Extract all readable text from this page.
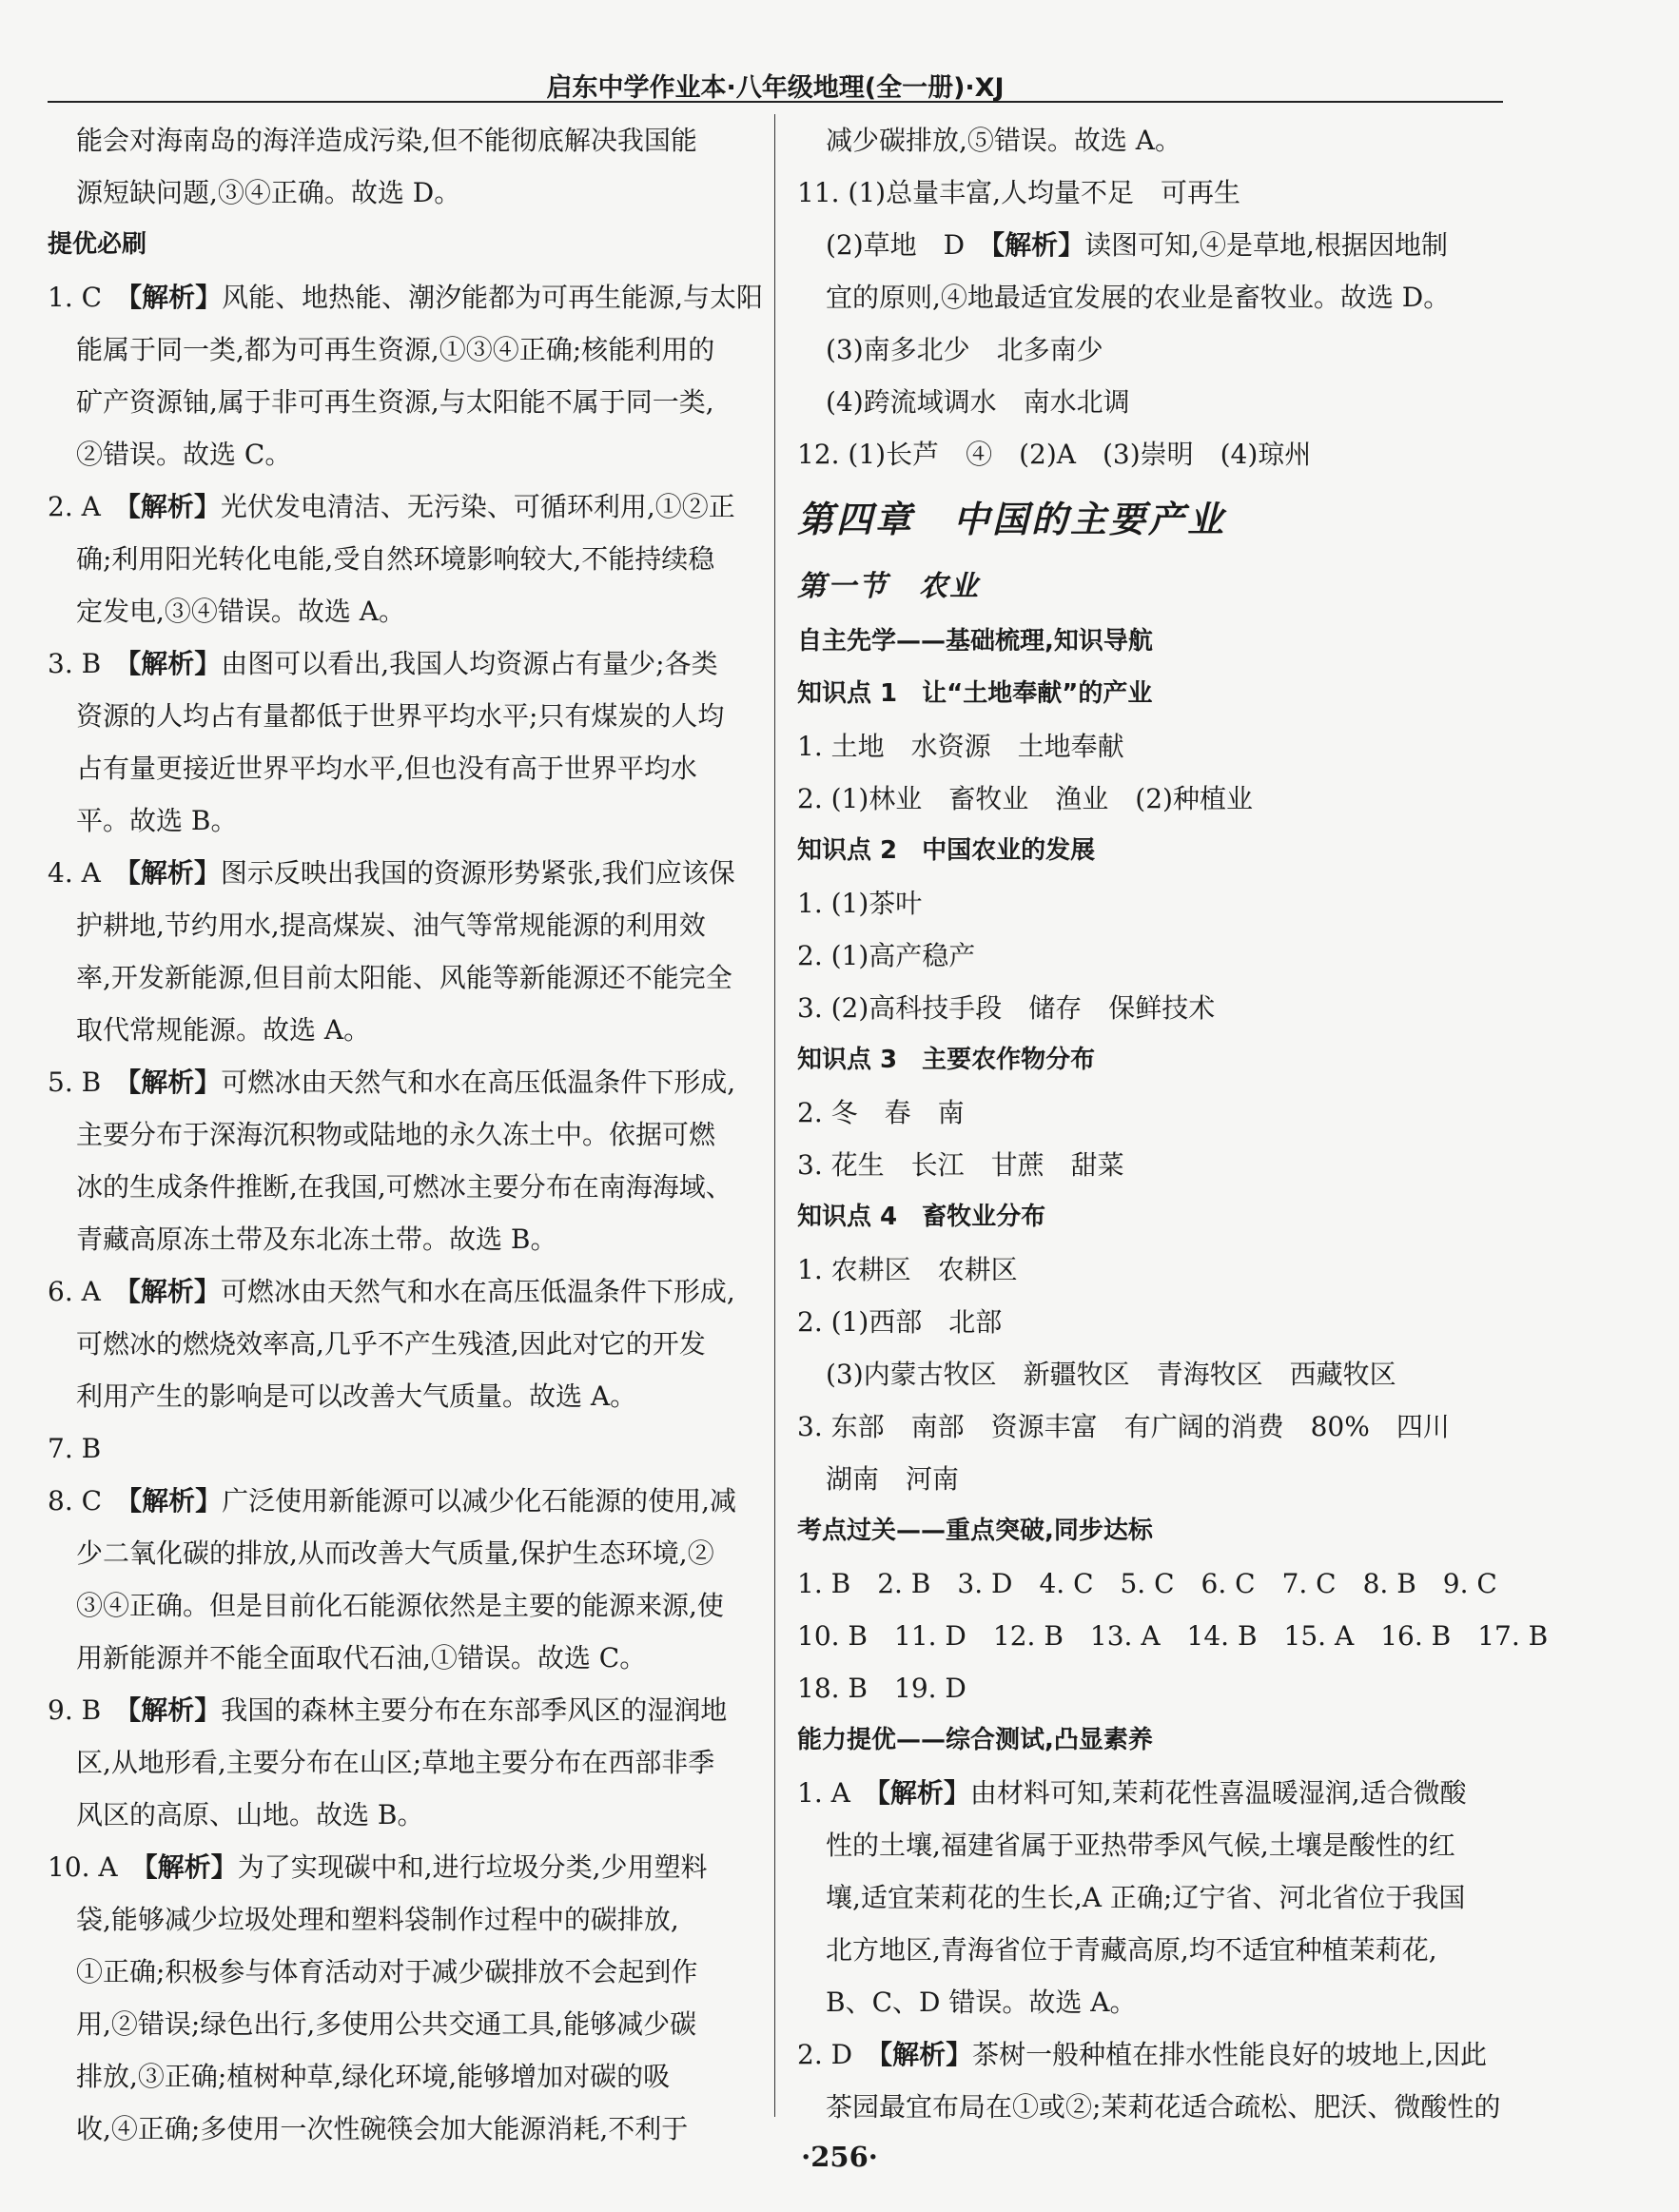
启东中学作业本·八年级地理(全一册)·XJ
能会对海南岛的海洋造成污染,但不能彻底解决我国能
源短缺问题,③④正确。故选 D。
提优必刷
1. C　 【解析】风能、地热能、潮汐能都为可再生能源,与太阳
能属于同一类,都为可再生资源,①③④正确;核能利用的
矿产资源铀,属于非可再生资源,与太阳能不属于同一类,
②错误。故选 C。
2. A　 【解析】光伏发电清洁、无污染、可循环利用,①②正
确;利用阳光转化电能,受自然环境影响较大,不能持续稳
定发电,③④错误。故选 A。
3. B　 【解析】由图可以看出,我国人均资源占有量少;各类
资源的人均占有量都低于世界平均水平;只有煤炭的人均
占有量更接近世界平均水平,但也没有高于世界平均水
平。故选 B。
4. A　 【解析】图示反映出我国的资源形势紧张,我们应该保
护耕地,节约用水,提高煤炭、油气等常规能源的利用效
率,开发新能源,但目前太阳能、风能等新能源还不能完全
取代常规能源。故选 A。
5. B　 【解析】可燃冰由天然气和水在高压低温条件下形成,
主要分布于深海沉积物或陆地的永久冻土中。依据可燃
冰的生成条件推断,在我国,可燃冰主要分布在南海海域、
青藏高原冻土带及东北冻土带。故选 B。
6. A　 【解析】可燃冰由天然气和水在高压低温条件下形成,
可燃冰的燃烧效率高,几乎不产生残渣,因此对它的开发
利用产生的影响是可以改善大气质量。故选 A。
7. B
8. C　 【解析】广泛使用新能源可以减少化石能源的使用,减
少二氧化碳的排放,从而改善大气质量,保护生态环境,②
③④正确。但是目前化石能源依然是主要的能源来源,使
用新能源并不能全面取代石油,①错误。故选 C。
9. B　 【解析】我国的森林主要分布在东部季风区的湿润地
区,从地形看,主要分布在山区;草地主要分布在西部非季
风区的高原、山地。故选 B。
10. A　 【解析】为了实现碳中和,进行垃圾分类,少用塑料
袋,能够减少垃圾处理和塑料袋制作过程中的碳排放,
①正确;积极参与体育活动对于减少碳排放不会起到作
用,②错误;绿色出行,多使用公共交通工具,能够减少碳
排放,③正确;植树种草,绿化环境,能够增加对碳的吸
收,④正确;多使用一次性碗筷会加大能源消耗,不利于
减少碳排放,⑤错误。故选 A。
11. (1)总量丰富,人均量不足　可再生
(2)草地　D　 【解析】读图可知,④是草地,根据因地制
宜的原则,④地最适宜发展的农业是畜牧业。故选 D。
(3)南多北少　北多南少
(4)跨流域调水　南水北调
12. (1)长芦　④　(2)A　(3)崇明　(4)琼州
第四章　中国的主要产业
第一节　农业
自主先学——基础梳理,知识导航
知识点 1　让“土地奉献”的产业
1. 土地　水资源　土地奉献
2. (1)林业　畜牧业　渔业　(2)种植业
知识点 2　中国农业的发展
1. (1)茶叶
2. (1)高产稳产
3. (2)高科技手段　储存　保鲜技术
知识点 3　主要农作物分布
2. 冬　春　南
3. 花生　长江　甘蔗　甜菜
知识点 4　畜牧业分布
1. 农耕区　农耕区
2. (1)西部　北部
(3)内蒙古牧区　新疆牧区　青海牧区　西藏牧区
3. 东部　南部　资源丰富　有广阔的消费　80%　四川
湖南　河南
考点过关——重点突破,同步达标
1. B　2. B　3. D　4. C　5. C　6. C　7. C　8. B　9. C
10. B　11. D　12. B　13. A　14. B　15. A　16. B　17. B
18. B　19. D
能力提优——综合测试,凸显素养
1. A　 【解析】由材料可知,茉莉花性喜温暖湿润,适合微酸
性的土壤,福建省属于亚热带季风气候,土壤是酸性的红
壤,适宜茉莉花的生长,A 正确;辽宁省、河北省位于我国
北方地区,青海省位于青藏高原,均不适宜种植茉莉花,
B、C、D 错误。故选 A。
2. D　 【解析】茶树一般种植在排水性能良好的坡地上,因此
茶园最宜布局在①或②;茉莉花适合疏松、肥沃、微酸性的
·256·
